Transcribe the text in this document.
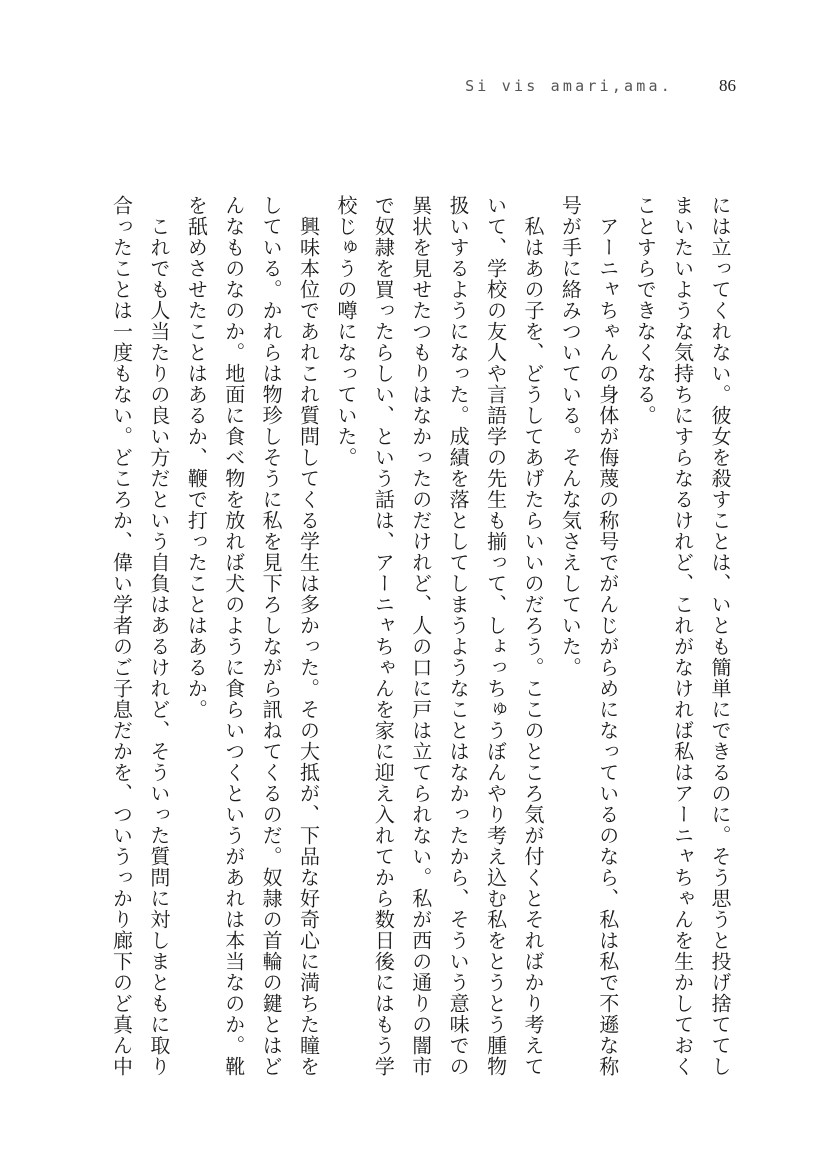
Si vis amari,ama.	86
には立ってくれない。彼女を殺すことは、いとも簡単にできるのに。そう思うと投げ捨ててし
まいたいような気持ちにすらなるけれど、これがなければ私はアーニャちゃんを生かしておく
ことすらできなくなる。
　アーニャちゃんの身体が侮蔑の称号でがんじがらめになっているのなら、私は私で不遜な称
号が手に絡みついている。そんな気さえしていた。
　私はあの子を、どうしてあげたらいいのだろう。ここのところ気が付くとそればかり考えて
いて、学校の友人や言語学の先生も揃って、しょっちゅうぼんやり考え込む私をとうとう腫物
扱いするようになった。成績を落としてしまうようなことはなかったから、そういう意味での
異状を見せたつもりはなかったのだけれど、人の口に戸は立てられない。私が西の通りの闇市
で奴隷を買ったらしい、という話は、アーニャちゃんを家に迎え入れてから数日後にはもう学
校じゅうの噂になっていた。
　興味本位であれこれ質問してくる学生は多かった。その大抵が、下品な好奇心に満ちた瞳を
している。かれらは物珍しそうに私を見下ろしながら訊ねてくるのだ。奴隷の首輪の鍵とはど
んなものなのか。地面に食べ物を放れば犬のように食らいつくというがあれは本当なのか。靴
を舐めさせたことはあるか、鞭で打ったことはあるか。
　これでも人当たりの良い方だという自負はあるけれど、そういった質問に対しまともに取り
合ったことは一度もない。どころか、偉い学者のご子息だかを、ついうっかり廊下のど真ん中
